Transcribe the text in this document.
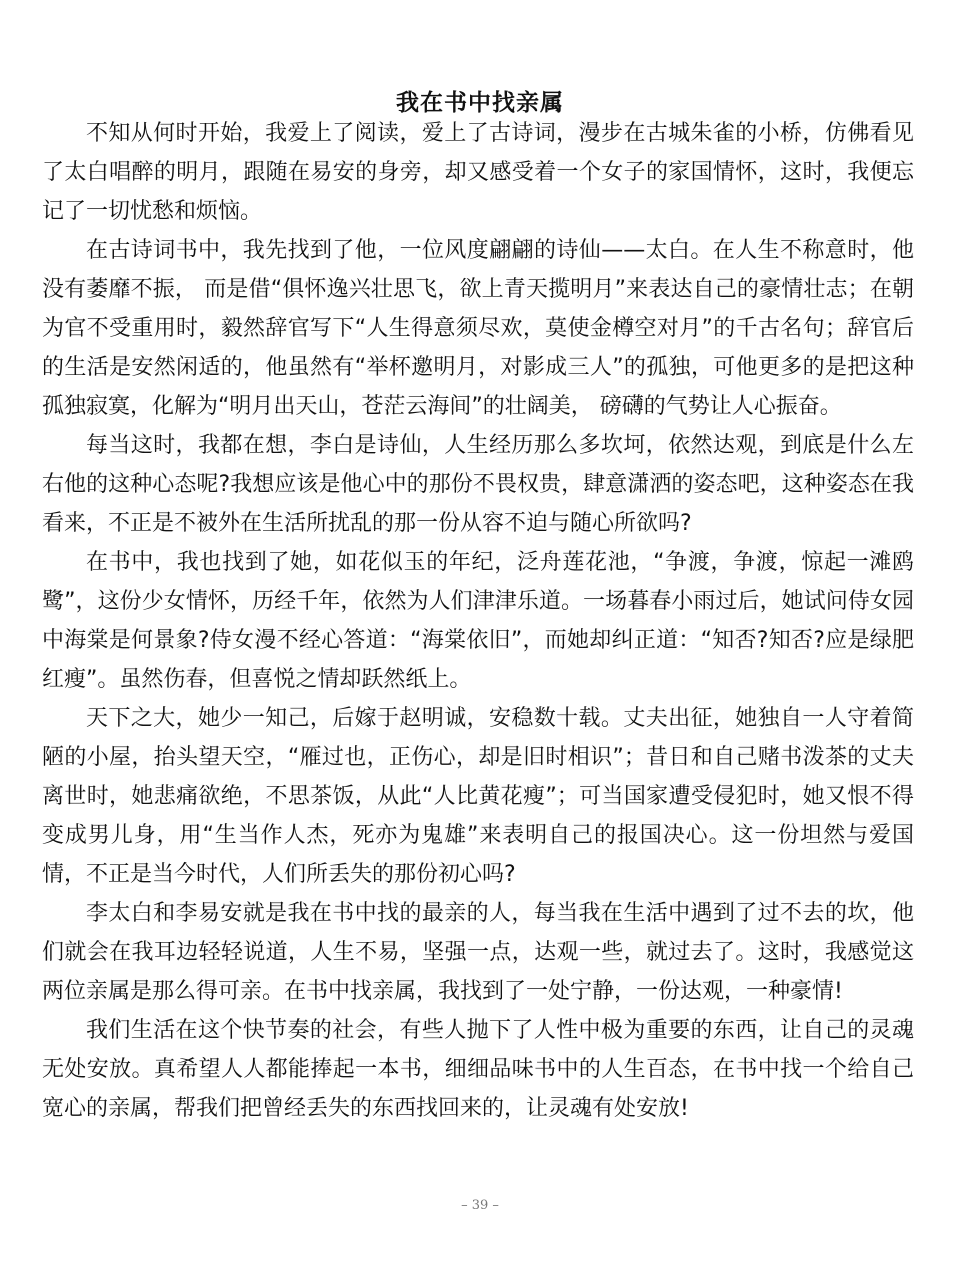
我在书中找亲属

不知从何时开始，我爱上了阅读，爱上了古诗词，漫步在古城朱雀的小桥，仿佛看见了太白唱醉的明月，跟随在易安的身旁，却又感受着一个女子的家国情怀，这时，我便忘记了一切忧愁和烦恼。

在古诗词书中，我先找到了他，一位风度翩翩的诗仙——太白。在人生不称意时，他没有萎靡不振， 而是借“俱怀逸兴壮思飞，欲上青天揽明月”来表达自己的豪情壮志；在朝为官不受重用时，毅然辞官写下“人生得意须尽欢，莫使金樽空对月”的千古名句；辞官后的生活是安然闲适的，他虽然有“举杯邀明月，对影成三人”的孤独，可他更多的是把这种孤独寂寞，化解为“明月出天山，苍茫云海间”的壮阔美， 磅礴的气势让人心振奋。

每当这时，我都在想，李白是诗仙，人生经历那么多坎坷，依然达观，到底是什么左右他的这种心态呢?我想应该是他心中的那份不畏权贵，肆意潇洒的姿态吧，这种姿态在我看来，不正是不被外在生活所扰乱的那一份从容不迫与随心所欲吗?

在书中，我也找到了她，如花似玉的年纪，泛舟莲花池，“争渡，争渡，惊起一滩鸥鹭”，这份少女情怀，历经千年，依然为人们津津乐道。一场暮春小雨过后，她试问侍女园中海棠是何景象?侍女漫不经心答道：“海棠依旧”，而她却纠正道：“知否?知否?应是绿肥红瘦”。虽然伤春，但喜悦之情却跃然纸上。

天下之大，她少一知己，后嫁于赵明诚，安稳数十载。丈夫出征，她独自一人守着简陋的小屋，抬头望天空，“雁过也，正伤心，却是旧时相识”；昔日和自己赌书泼茶的丈夫离世时，她悲痛欲绝，不思茶饭，从此“人比黄花瘦”；可当国家遭受侵犯时，她又恨不得变成男儿身，用“生当作人杰，死亦为鬼雄”来表明自己的报国决心。这一份坦然与爱国情，不正是当今时代，人们所丢失的那份初心吗?

李太白和李易安就是我在书中找的最亲的人，每当我在生活中遇到了过不去的坎，他们就会在我耳边轻轻说道，人生不易，坚强一点，达观一些，就过去了。这时，我感觉这两位亲属是那么得可亲。在书中找亲属，我找到了一处宁静，一份达观，一种豪情!

我们生活在这个快节奏的社会，有些人抛下了人性中极为重要的东西，让自己的灵魂无处安放。真希望人人都能捧起一本书，细细品味书中的人生百态，在书中找一个给自己宽心的亲属，帮我们把曾经丢失的东西找回来的，让灵魂有处安放!

– 39 –
